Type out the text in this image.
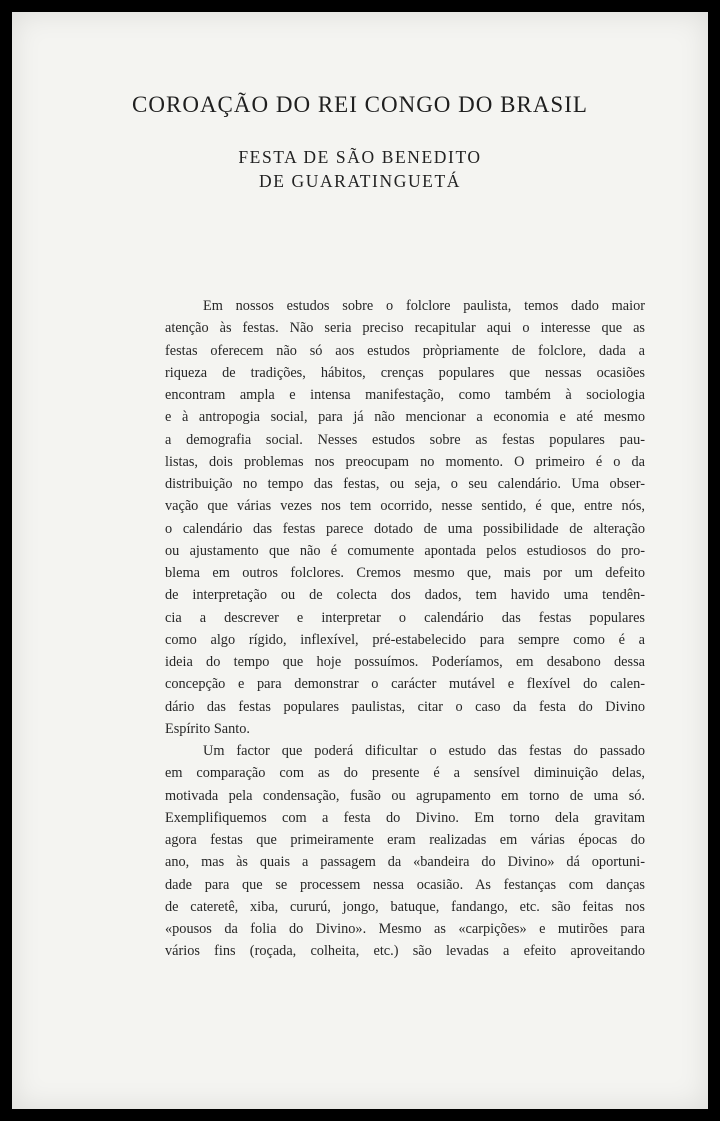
COROAÇÃO DO REI CONGO DO BRASIL
FESTA DE SÃO BENEDITO
DE GUARATINGUETÁ
Em nossos estudos sobre o folclore paulista, temos dado maior
atenção às festas. Não seria preciso recapitular aqui o interesse que as
festas oferecem não só aos estudos pròpriamente de folclore, dada a
riqueza de tradições, hábitos, crenças populares que nessas ocasiões
encontram ampla e intensa manifestação, como também à sociologia
e à antropogia social, para já não mencionar a economia e até mesmo
a demografia social. Nesses estudos sobre as festas populares pau-
listas, dois problemas nos preocupam no momento. O primeiro é o da
distribuição no tempo das festas, ou seja, o seu calendário. Uma obser-
vação que várias vezes nos tem ocorrido, nesse sentido, é que, entre nós,
o calendário das festas parece dotado de uma possibilidade de alteração
ou ajustamento que não é comumente apontada pelos estudiosos do pro-
blema em outros folclores. Cremos mesmo que, mais por um defeito
de interpretação ou de colecta dos dados, tem havido uma tendên-
cia a descrever e interpretar o calendário das festas populares
como algo rígido, inflexível, pré-estabelecido para sempre como é a
ideia do tempo que hoje possuímos. Poderíamos, em desabono dessa
concepção e para demonstrar o carácter mutável e flexível do calen-
dário das festas populares paulistas, citar o caso da festa do Divino
Espírito Santo.
Um factor que poderá dificultar o estudo das festas do passado
em comparação com as do presente é a sensível diminuição delas,
motivada pela condensação, fusão ou agrupamento em torno de uma só.
Exemplifiquemos com a festa do Divino. Em torno dela gravitam
agora festas que primeiramente eram realizadas em várias épocas do
ano, mas às quais a passagem da «bandeira do Divino» dá oportuni-
dade para que se processem nessa ocasião. As festanças com danças
de cateretê, xiba, cururú, jongo, batuque, fandango, etc. são feitas nos
«pousos da folia do Divino». Mesmo as «carpições» e mutirões para
vários fins (roçada, colheita, etc.) são levadas a efeito aproveitando
